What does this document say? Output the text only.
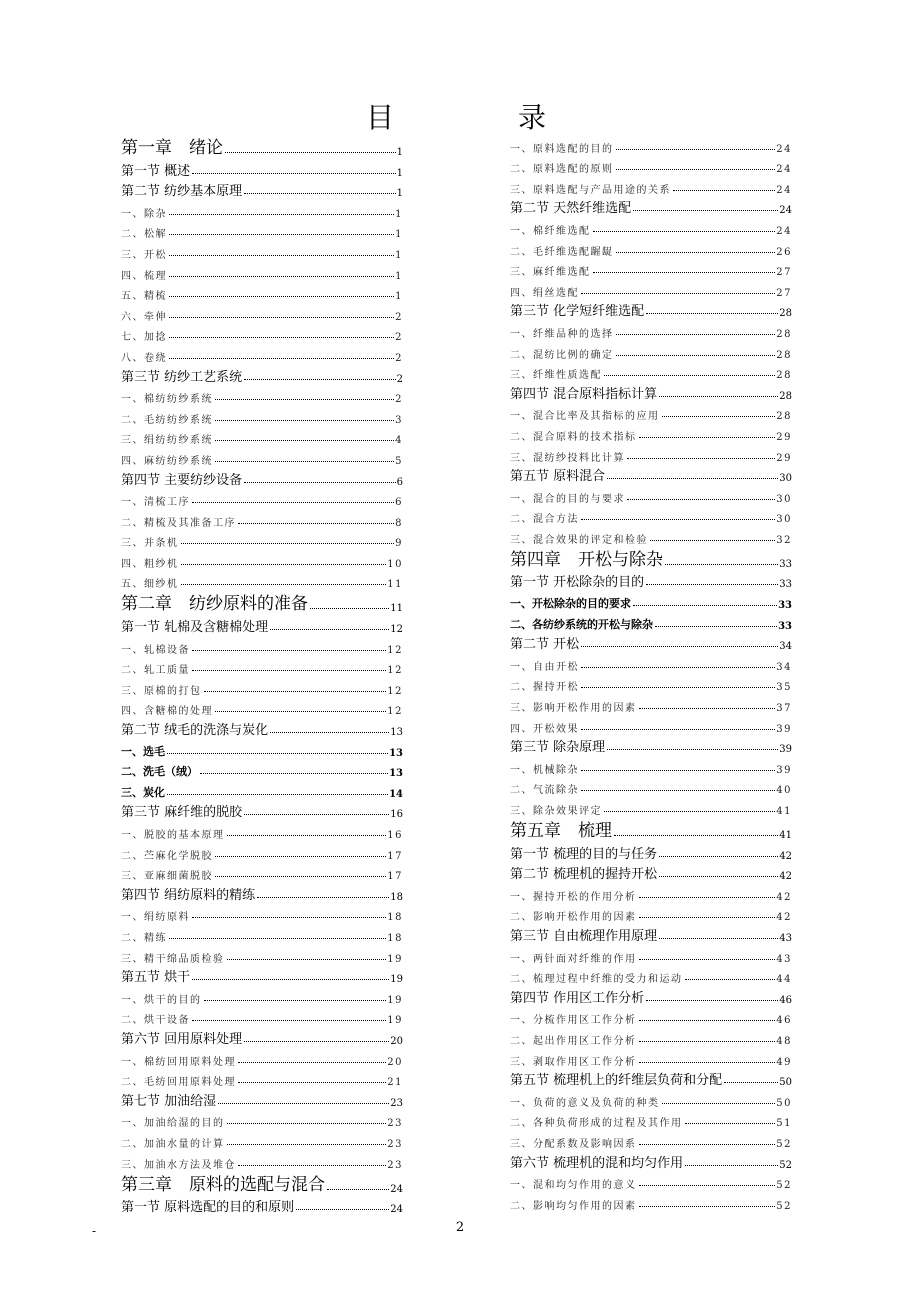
目　录
第一章　绪论	1
第一节 概述	1
第二节 纺纱基本原理	1
一、除杂	1
二、松解	1
三、开松	1
四、梳理	1
五、精梳	1
六、牵伸	2
七、加捻	2
八、卷绕	2
第三节 纺纱工艺系统	2
一、棉纺纺纱系统	2
二、毛纺纺纱系统	3
三、绢纺纺纱系统	4
四、麻纺纺纱系统	5
第四节 主要纺纱设备	6
一、清梳工序	6
二、精梳及其准备工序	8
三、并条机	9
四、粗纱机	10
五、细纱机	11
第二章　纺纱原料的准备	11
第一节 轧棉及含糖棉处理	12
一、轧棉设备	12
二、轧工质量	12
三、原棉的打包	12
四、含糖棉的处理	12
第二节 绒毛的洗涤与炭化	13
一、选毛	13
二、洗毛（绒）	13
三、炭化	14
第三节 麻纤维的脱胶	16
一、脱胶的基本原理	16
二、苎麻化学脱胶	17
三、亚麻细菌脱胶	17
第四节 绢纺原料的精练	18
一、绢纺原料	18
二、精练	18
三、精干绵品质检验	19
第五节 烘干	19
一、烘干的目的	19
二、烘干设备	19
第六节 回用原料处理	20
一、棉纺回用原料处理	20
二、毛纺回用原料处理	21
第七节 加油给湿	23
一、加油给湿的目的	23
二、加油水量的计算	23
三、加油水方法及堆仓	23
第三章　原料的选配与混合	24
第一节 原料选配的目的和原则	24
一、原料选配的目的	24
二、原料选配的原则	24
三、原料选配与产品用途的关系	24
第二节 天然纤维选配	24
一、棉纤维选配	24
二、毛纤维选配龌龊	26
三、麻纤维选配	27
四、绢丝选配	27
第三节 化学短纤维选配	28
一、纤维品种的选择	28
二、混纺比例的确定	28
三、纤维性质选配	28
第四节 混合原料指标计算	28
一、混合比率及其指标的应用	28
二、混合原料的技术指标	29
三、混纺纱投料比计算	29
第五节 原料混合	30
一、混合的目的与要求	30
二、混合方法	30
三、混合效果的评定和检验	32
第四章　开松与除杂	33
第一节 开松除杂的目的	33
一、开松除杂的目的要求	33
二、各纺纱系统的开松与除杂	33
第二节 开松	34
一、自由开松	34
二、握持开松	35
三、影响开松作用的因素	37
四、开松效果	39
第三节 除杂原理	39
一、机械除杂	39
二、气流除杂	40
三、除杂效果评定	41
第五章　梳理	41
第一节 梳理的目的与任务	42
第二节 梳理机的握持开松	42
一、握持开松的作用分析	42
二、影响开松作用的因素	42
第三节 自由梳理作用原理	43
一、两针面对纤维的作用	43
二、梳理过程中纤维的受力和运动	44
第四节 作用区工作分析	46
一、分梳作用区工作分析	46
二、起出作用区工作分析	48
三、剥取作用区工作分析	49
第五节 梳理机上的纤维层负荷和分配	50
一、负荷的意义及负荷的种类	50
二、各种负荷形成的过程及其作用	51
三、分配系数及影响因系	52
第六节 梳理机的混和均匀作用	52
一、混和均匀作用的意义	52
二、影响均匀作用的因素	52
-	2
